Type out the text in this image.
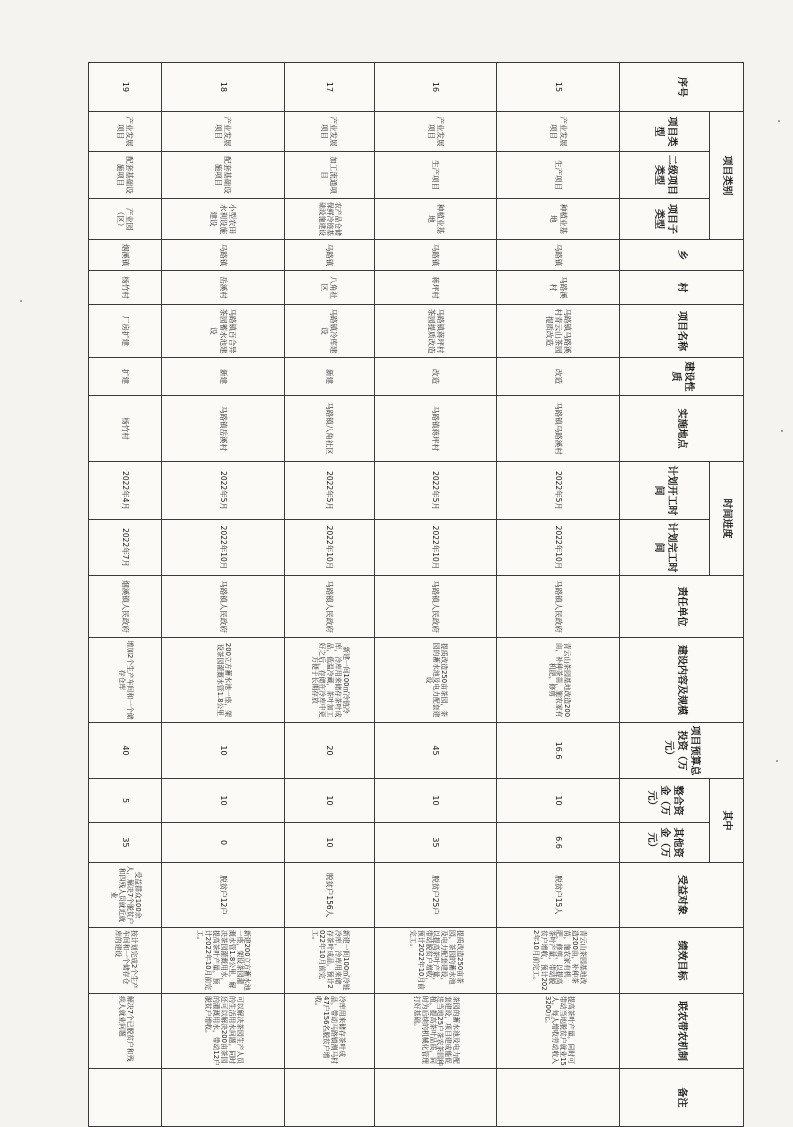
序号	项目类别			乡	村	项目名称	建设性质	实施地点	时间进度		责任单位	建设内容及规模	项目预算总投资（万元）	其中		受益对象	绩效目标	联农带农机制	备注
	项目类型	二级项目类型	项目子类型						计划开工时间	计划完工时间				整合资金（万元）	其他资金（万元）				
15	产业发展项目	生产项目	种植业基地	马路镇	马路溪村	马路镇马路溪村青云山茶园提质改造	改造	马路镇马路溪村	2022年5月	2022年10月	马路镇人民政府	青云山茶园基地改造200亩，补种茶苗，施农家有机肥，修剪	16.6	10	6.6	脱贫户15人	青云山茶园基地改造200亩，补种茶苗，施农家有机肥，修剪，以提高茶叶产量，带动脱贫户增收，预计2022年10月前完工。	提高茶叶产量，同时可带动当地脱贫户就业15人，每人增收劳动收入3200元。	
16	产业发展项目	生产项目	种植业基地	马路镇	蒋坪村	马路镇蒋坪村茶园提质改造	改造	马路镇蒋坪村	2022年5月	2022年10月	马路镇人民政府	提质改造250亩茶园，茶园的蓄水池及电力配套建设	45	10	35	脱贫户25户	提质改造250亩茶园，茶园的蓄水池及电力配套建设，以提高茶叶产量，带动脱贫户增收，预计2022年10月前完工。	茶园的蓄水池及电力配套建设，项目建成能促进当地25户茶农茶园种植，提高茶叶品质，同时为后续的机械化管理打好基础。	
17	产业发展项目	加工流通项目	农产品仓储保鲜冷链基础设施建设	马路镇	八角社区	马路镇冷库建设	新建	马路镇八角社区	2022年5月	2022年10月	马路镇人民政府	新建一间100㎡冷链冷库，冷库用来储存茶叶成品，低温冷藏，茶叶加工好之后，存储在冷库中更方便于长期存放	20	10	10	脱贫户156人	新建一间100㎡冷链冷库，冷库用来储存茶叶成品，预计2022年10月前完工。	冷库用来储存茶叶成品，带动马路镇测马村47户156名脱贫户增收。	
18	产业发展项目	配套基础设施项目	小型农田水利设施建设	马路镇	岳溪村	马路镇百合异茶园蓄水池建设	新建	马路镇岳溪村	2022年5月	2022年10月	马路镇人民政府	200立方蓄水池一座，架设茶园灌溉水管1.8公里	10	10	0	脱贫户12户	新建200立方蓄水池一座，架设茶园灌溉水管1.8公里，解决茶园灌溉用水，提高茶叶产量，预计2022年10月前完工。	可以解决茶园生产人员的生活用水问题，同时还可以解决200亩茶园的灌溉用水，带动12户脱贫户增收。	
19	产业发展项目	配套基础设施项目	产业园（区）	烟溪镇	杨竹村	厂房扩建	扩建	杨竹村	2022年4月	2022年7月	烟溪镇人民政府	增加2个生产车间和一个储存仓库	40	5	35	受益群众100余人，解决7个脱贫户和四残人员就近就业	按计划完成2个生产车间和一个储存仓库的建设	解决7个已脱贫户和残疾人就业问题	
